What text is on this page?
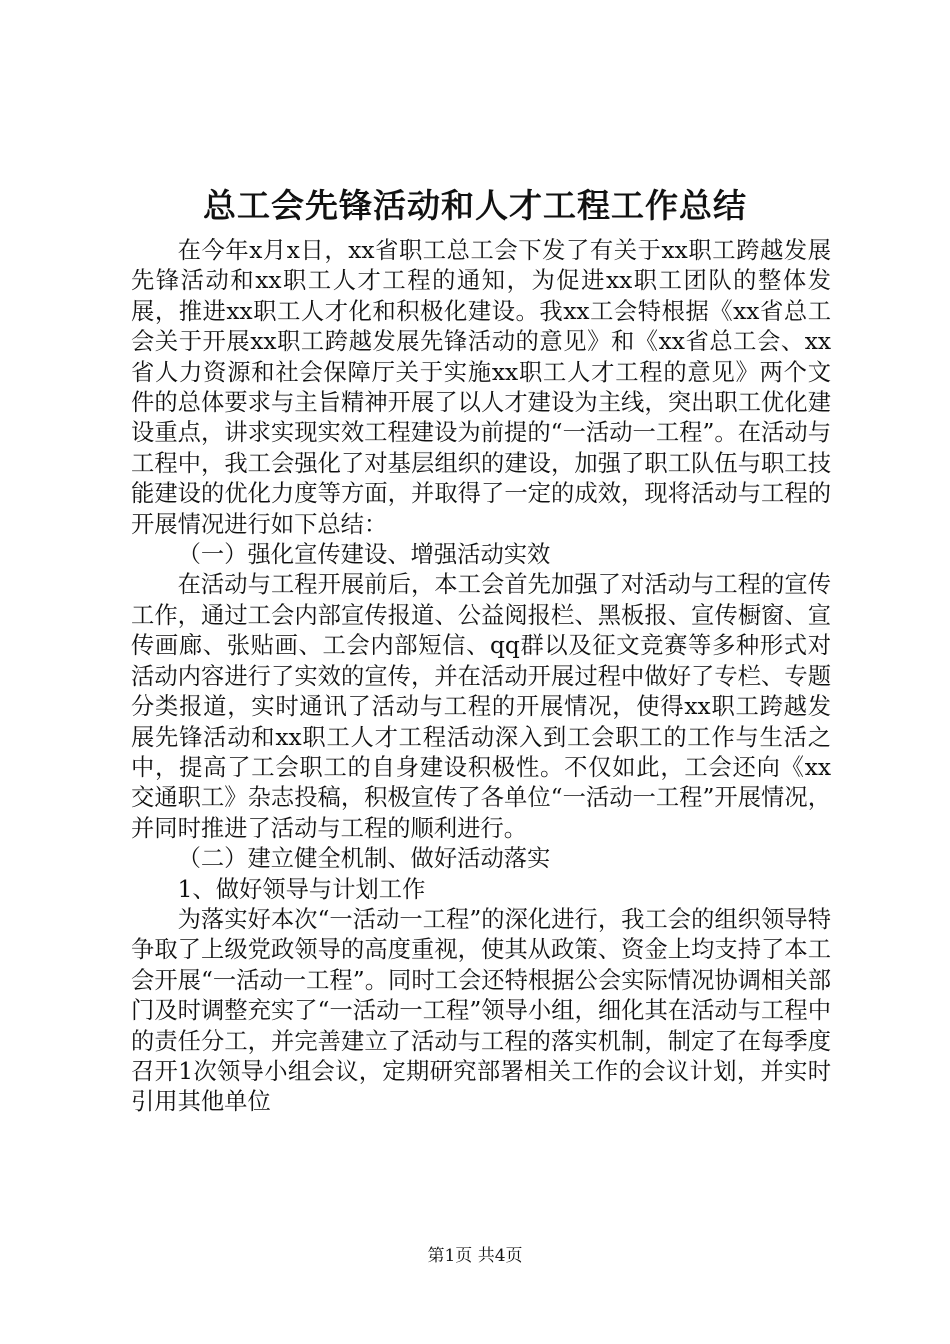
总工会先锋活动和人才工程工作总结

在今年x月x日，xx省职工总工会下发了有关于xx职工跨越发展先锋活动和xx职工人才工程的通知，为促进xx职工团队的整体发展，推进xx职工人才化和积极化建设。我xx工会特根据《xx省总工会关于开展xx职工跨越发展先锋活动的意见》和《xx省总工会、xx省人力资源和社会保障厅关于实施xx职工人才工程的意见》两个文件的总体要求与主旨精神开展了以人才建设为主线，突出职工优化建设重点，讲求实现实效工程建设为前提的“一活动一工程”。在活动与工程中，我工会强化了对基层组织的建设，加强了职工队伍与职工技能建设的优化力度等方面，并取得了一定的成效，现将活动与工程的开展情况进行如下总结：

（一）强化宣传建设、增强活动实效

在活动与工程开展前后，本工会首先加强了对活动与工程的宣传工作，通过工会内部宣传报道、公益阅报栏、黑板报、宣传橱窗、宣传画廊、张贴画、工会内部短信、qq群以及征文竞赛等多种形式对活动内容进行了实效的宣传，并在活动开展过程中做好了专栏、专题分类报道，实时通讯了活动与工程的开展情况，使得xx职工跨越发展先锋活动和xx职工人才工程活动深入到工会职工的工作与生活之中，提高了工会职工的自身建设积极性。不仅如此，工会还向《xx交通职工》杂志投稿，积极宣传了各单位“一活动一工程”开展情况，并同时推进了活动与工程的顺利进行。

（二）建立健全机制、做好活动落实

1、做好领导与计划工作

为落实好本次“一活动一工程”的深化进行，我工会的组织领导特争取了上级党政领导的高度重视，使其从政策、资金上均支持了本工会开展“一活动一工程”。同时工会还特根据公会实际情况协调相关部门及时调整充实了“一活动一工程”领导小组，细化其在活动与工程中的责任分工，并完善建立了活动与工程的落实机制，制定了在每季度召开1次领导小组会议，定期研究部署相关工作的会议计划，并实时引用其他单位

第1页 共4页
